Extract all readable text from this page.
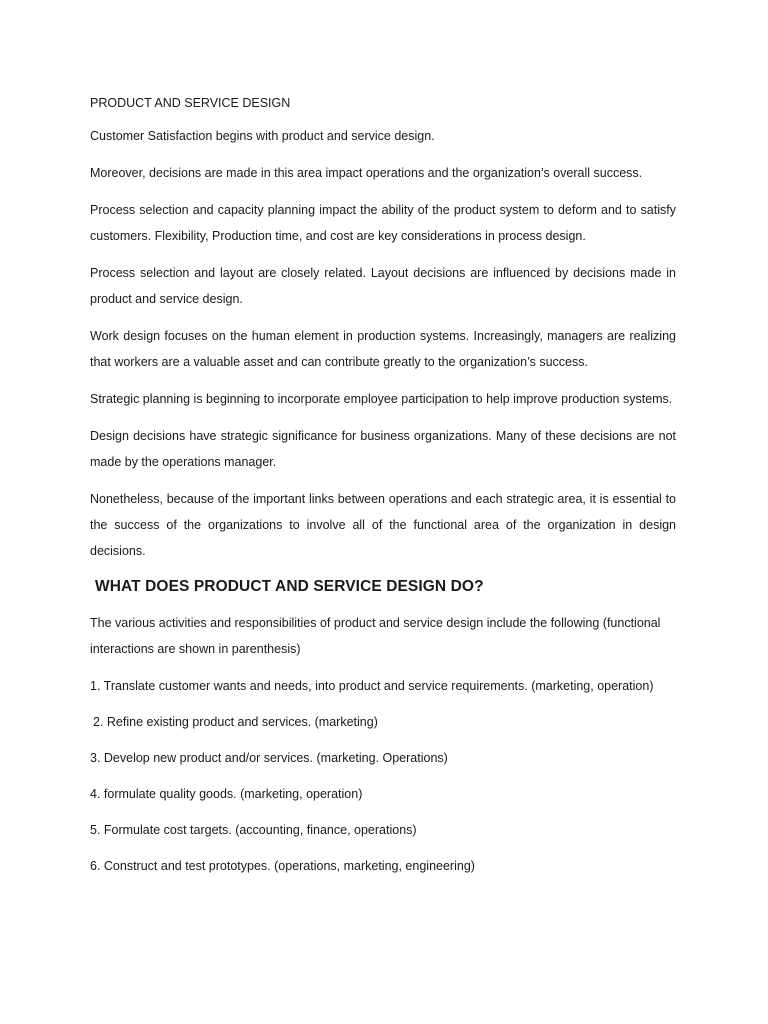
PRODUCT AND SERVICE DESIGN

Customer Satisfaction begins with product and service design.

Moreover, decisions are made in this area impact operations and the organization’s overall success.

Process selection and capacity planning impact the ability of the product system to deform and to satisfy customers. Flexibility, Production time, and cost are key considerations in process design.

Process selection and layout are closely related. Layout decisions are influenced by decisions made in product and service design.

Work design focuses on the human element in production systems. Increasingly, managers are realizing that workers are a valuable asset and can contribute greatly to the organization’s success.

Strategic planning is beginning to incorporate employee participation to help improve production systems.

Design decisions have strategic significance for business organizations. Many of these decisions are not made by the operations manager.

Nonetheless, because of the important links between operations and each strategic area, it is essential to the success of the organizations to involve all of the functional area of the organization in design decisions.

WHAT DOES PRODUCT AND SERVICE DESIGN DO?

The various activities and responsibilities of product and service design include the following (functional interactions are shown in parenthesis)

1. Translate customer wants and needs, into product and service requirements. (marketing, operation)

2. Refine existing product and services. (marketing)

3. Develop new product and/or services. (marketing. Operations)

4. formulate quality goods. (marketing, operation)

5. Formulate cost targets. (accounting, finance, operations)

6. Construct and test prototypes. (operations, marketing, engineering)
